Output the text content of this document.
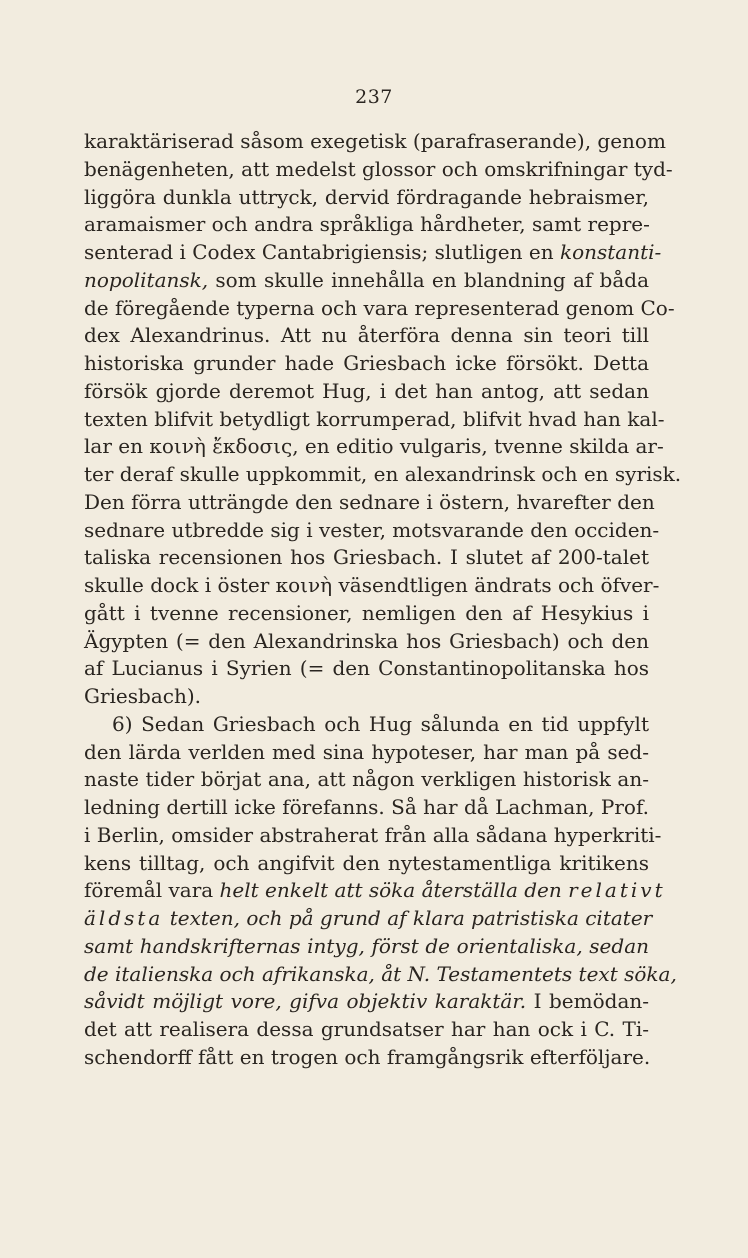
237
karaktäriserad såsom exegetisk (parafraserande), genom
benägenheten, att medelst glossor och omskrifningar tyd-
liggöra dunkla uttryck, dervid fördragande hebraismer,
aramaismer och andra språkliga hårdheter, samt repre-
senterad i Codex Cantabrigiensis; slutligen en konstanti-
nopolitansk, som skulle innehålla en blandning af båda
de föregående typerna och vara representerad genom Co-
dex Alexandrinus. Att nu återföra denna sin teori till
historiska grunder hade Griesbach icke försökt. Detta
försök gjorde deremot Hug, i det han antog, att sedan
texten blifvit betydligt korrumperad, blifvit hvad han kal-
lar en κοινὴ ἔκδοσις, en editio vulgaris, tvenne skilda ar-
ter deraf skulle uppkommit, en alexandrinsk och en syrisk.
Den förra utträngde den sednare i östern, hvarefter den
sednare utbredde sig i vester, motsvarande den occiden-
taliska recensionen hos Griesbach. I slutet af 200-talet
skulle dock i öster κοινὴ väsendtligen ändrats och öfver-
gått i tvenne recensioner, nemligen den af Hesykius i
Ägypten (= den Alexandrinska hos Griesbach) och den
af Lucianus i Syrien (= den Constantinopolitanska hos
Griesbach).
6) Sedan Griesbach och Hug sålunda en tid uppfylt
den lärda verlden med sina hypoteser, har man på sed-
naste tider börjat ana, att någon verkligen historisk an-
ledning dertill icke förefanns. Så har då Lachman, Prof.
i Berlin, omsider abstraherat från alla sådana hyperkriti-
kens tilltag, och angifvit den nytestamentliga kritikens
föremål vara helt enkelt att söka återställa den relativt
äldsta texten, och på grund af klara patristiska citater
samt handskrifternas intyg, först de orientaliska, sedan
de italienska och afrikanska, åt N. Testamentets text söka,
såvidt möjligt vore, gifva objektiv karaktär. I bemödan-
det att realisera dessa grundsatser har han ock i C. Ti-
schendorff fått en trogen och framgångsrik efterföljare.
